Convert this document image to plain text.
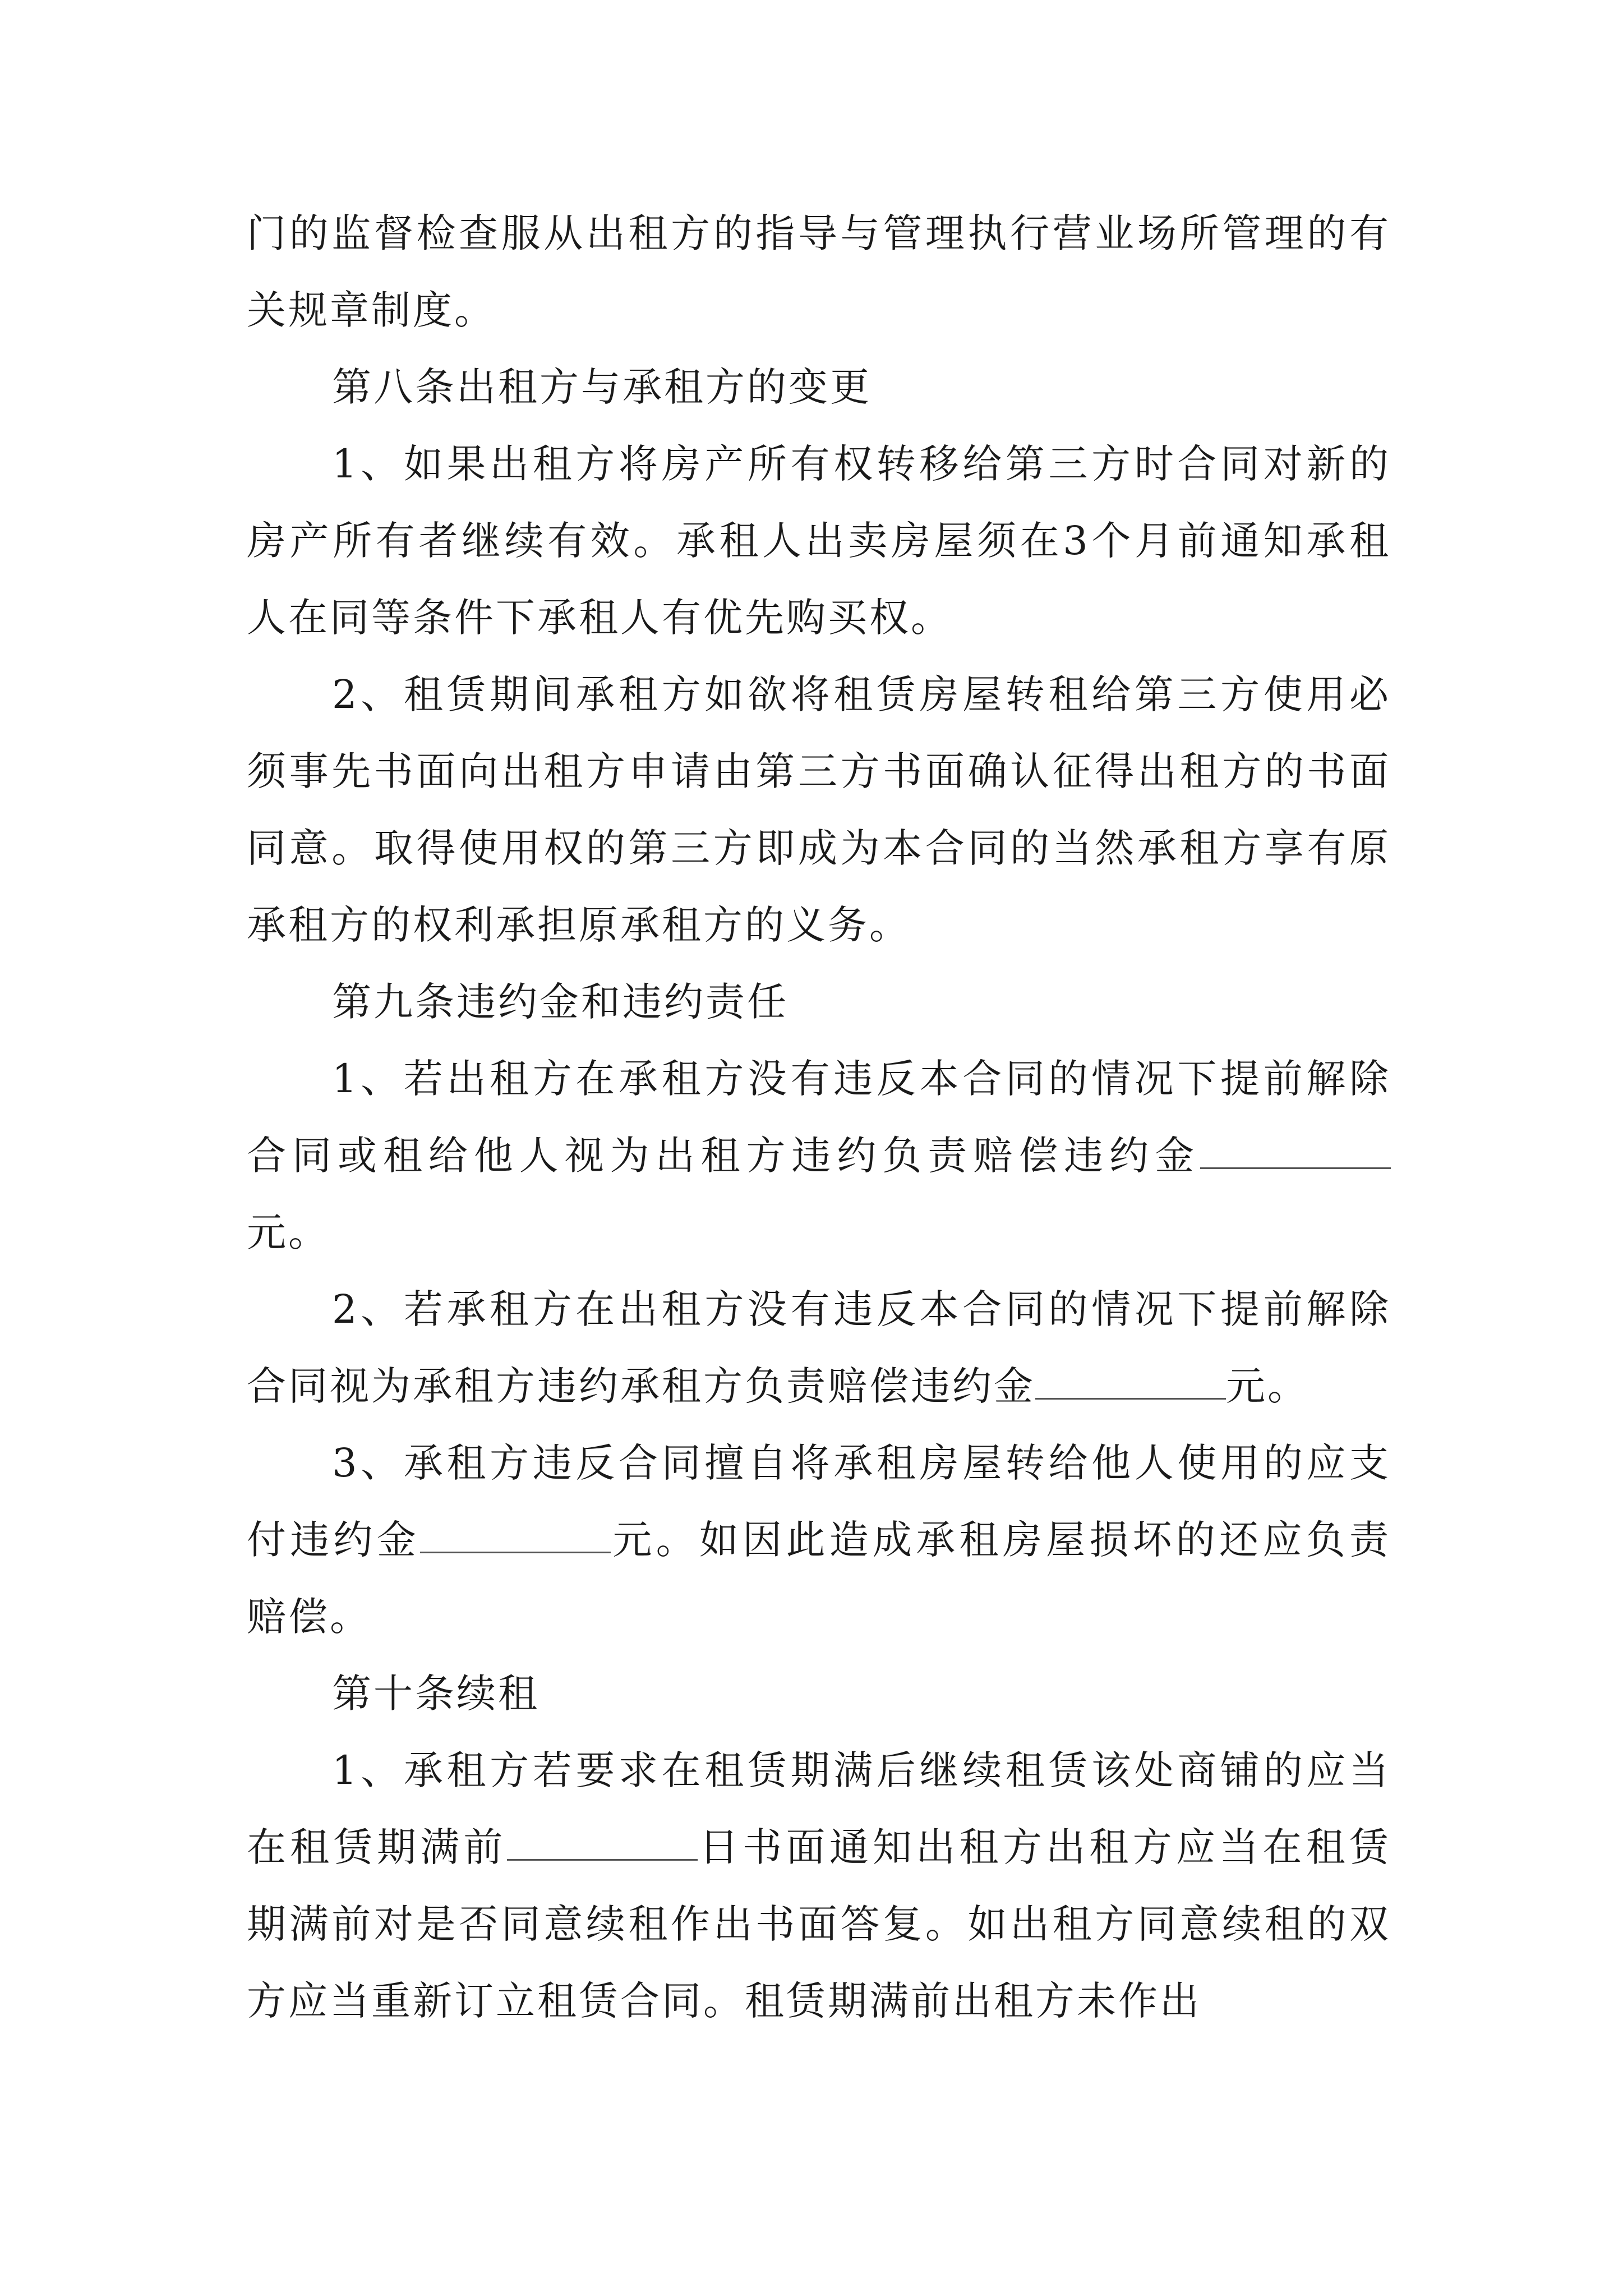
门的监督检查服从出租方的指导与管理执行营业场所管理的有关规章制度。

第八条出租方与承租方的变更

1、如果出租方将房产所有权转移给第三方时合同对新的房产所有者继续有效。承租人出卖房屋须在3个月前通知承租人在同等条件下承租人有优先购买权。

2、租赁期间承租方如欲将租赁房屋转租给第三方使用必须事先书面向出租方申请由第三方书面确认征得出租方的书面同意。取得使用权的第三方即成为本合同的当然承租方享有原承租方的权利承担原承租方的义务。

第九条违约金和违约责任

1、若出租方在承租方没有违反本合同的情况下提前解除合同或租给他人视为出租方违约负责赔偿违约金元。

2、若承租方在出租方没有违反本合同的情况下提前解除合同视为承租方违约承租方负责赔偿违约金	元。

3、承租方违反合同擅自将承租房屋转给他人使用的应支付违约金	元。如因此造成承租房屋损坏的还应负责赔偿。

第十条续租

1、承租方若要求在租赁期满后继续租赁该处商铺的应当在租赁期满前	日书面通知出租方出租方应当在租赁期满前对是否同意续租作出书面答复。如出租方同意续租的双方应当重新订立租赁合同。租赁期满前出租方未作出
